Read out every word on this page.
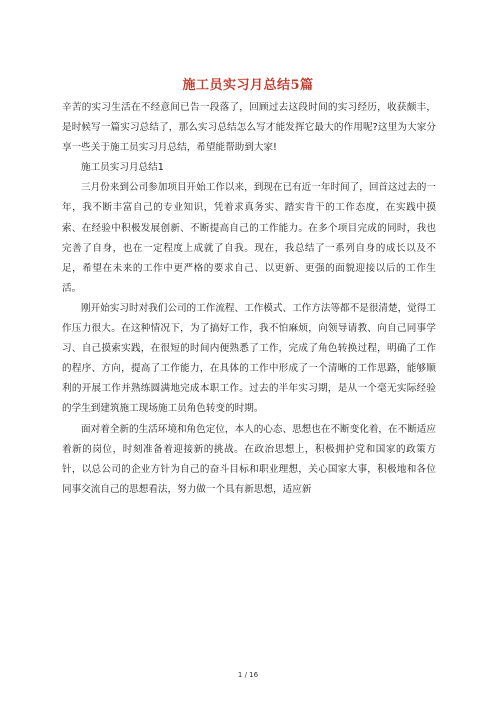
施工员实习月总结5篇

辛苦的实习生活在不经意间已告一段落了，回顾过去这段时间的实习经历，收获颇丰，是时候写一篇实习总结了，那么实习总结怎么写才能发挥它最大的作用呢?这里为大家分享一些关于施工员实习月总结，希望能帮助到大家!

施工员实习月总结1

三月份来到公司参加项目开始工作以来，到现在已有近一年时间了，回首这过去的一年，我不断丰富自己的专业知识，凭着求真务实、踏实肯干的工作态度，在实践中摸索、在经验中积极发展创新、不断提高自己的工作能力。在多个项目完成的同时，我也完善了自身，也在一定程度上成就了自我。现在，我总结了一系列自身的成长以及不足，希望在未来的工作中更严格的要求自己、以更新、更强的面貌迎接以后的工作生活。

刚开始实习时对我们公司的工作流程、工作模式、工作方法等都不是很清楚，觉得工作压力很大。在这种情况下，为了搞好工作，我不怕麻烦，向领导请教、向自己同事学习、自己摸索实践，在很短的时间内便熟悉了工作，完成了角色转换过程，明确了工作的程序、方向，提高了工作能力，在具体的工作中形成了一个清晰的工作思路，能够顺利的开展工作并熟练圆满地完成本职工作。过去的半年实习期，是从一个毫无实际经验的学生到建筑施工现场施工员角色转变的时期。

面对着全新的生活环境和角色定位，本人的心态、思想也在不断变化着，在不断适应着新的岗位，时刻准备着迎接新的挑战。在政治思想上，积极拥护党和国家的政策方针，以总公司的企业方针为自己的奋斗目标和职业理想，关心国家大事，积极地和各位同事交流自己的思想看法，努力做一个具有新思想，适应新

1 / 16
